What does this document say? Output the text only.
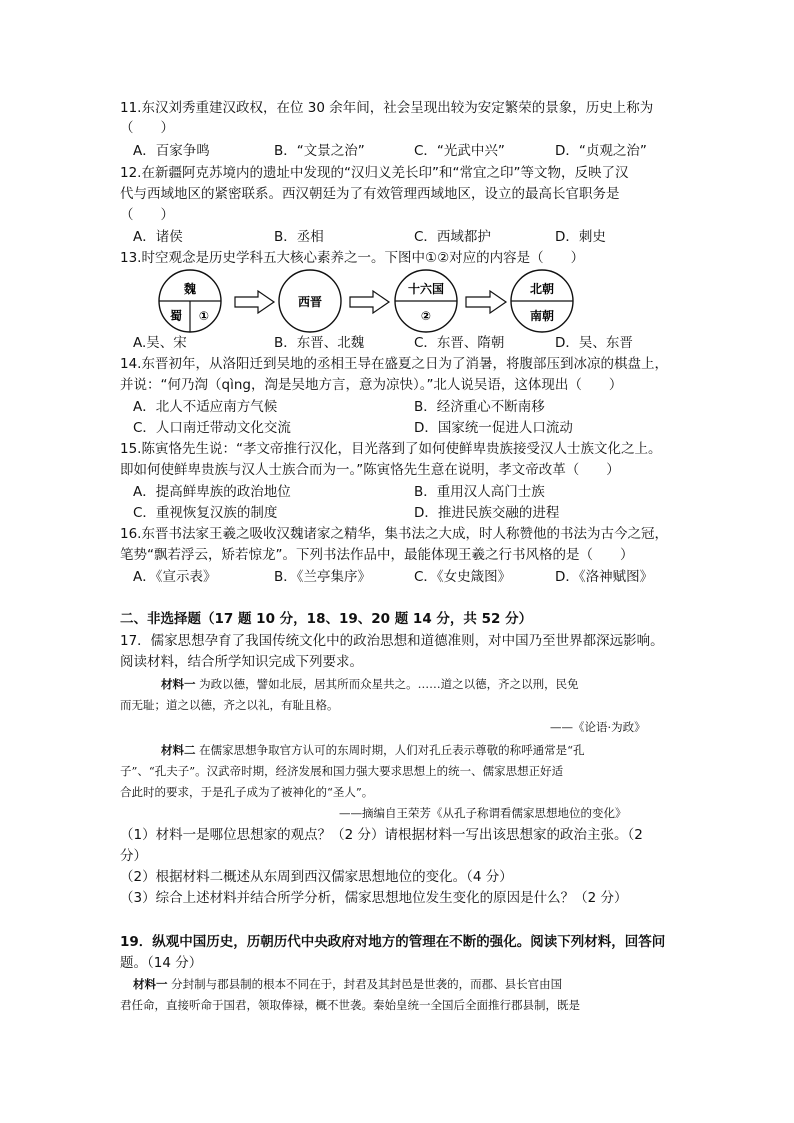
11.东汉刘秀重建汉政权，在位 30 余年间，社会呈现出较为安定繁荣的景象，历史上称为
（　　）
A．百家争鸣	B．“文景之治”	C．“光武中兴”	D．“贞观之治”
12.在新疆阿克苏境内的遗址中发现的“汉归义羌长印”和“常宜之印”等文物，反映了汉
代与西域地区的紧密联系。西汉朝廷为了有效管理西域地区，设立的最高长官职务是
（　　）
A．诸侯	B．丞相	C．西域都护	D．刺史
13.时空观念是历史学科五大核心素养之一。下图中①②对应的内容是（　　）
魏
蜀 ①
西晋
十六国
②
北朝
南朝
A.吴、宋	B．东晋、北魏	C．东晋、隋朝	D．吴、东晋
14.东晋初年，从洛阳迁到吴地的丞相王导在盛夏之日为了消暑，将腹部压到冰凉的棋盘上，
并说：“何乃渹（qìng，渹是吴地方言，意为凉快）。”北人说吴语，这体现出（　　）
A．北人不适应南方气候	B．经济重心不断南移
C．人口南迁带动文化交流	D．国家统一促进人口流动
15.陈寅恪先生说：“孝文帝推行汉化，目光落到了如何使鲜卑贵族接受汉人士族文化之上。
即如何使鲜卑贵族与汉人士族合而为一。”陈寅恪先生意在说明，孝文帝改革（　　）
A．提高鲜卑族的政治地位	B．重用汉人高门士族
C．重视恢复汉族的制度	D．推进民族交融的进程
16.东晋书法家王羲之吸收汉魏诸家之精华，集书法之大成，时人称赞他的书法为古今之冠，
笔势“飘若浮云，矫若惊龙”。下列书法作品中，最能体现王羲之行书风格的是（　　）
A．《宣示表》	B．《兰亭集序》	C．《女史箴图》	D．《洛神赋图》
二、非选择题（17 题 10 分，18、19、20 题 14 分，共 52 分）
17．儒家思想孕育了我国传统文化中的政治思想和道德准则，对中国乃至世界都深远影响。
阅读材料，结合所学知识完成下列要求。
材料一 为政以德，譬如北辰，居其所而众星共之。……道之以德，齐之以刑，民免
而无耻；道之以德，齐之以礼，有耻且格。
——《论语·为政》
材料二 在儒家思想争取官方认可的东周时期，人们对孔丘表示尊敬的称呼通常是“孔
子”、“孔夫子”。汉武帝时期，经济发展和国力强大要求思想上的统一、儒家思想正好适
合此时的要求，于是孔子成为了被神化的“圣人”。
——摘编自王荣芳《从孔子称谓看儒家思想地位的变化》
（1）材料一是哪位思想家的观点？（2 分）请根据材料一写出该思想家的政治主张。（2
分）
（2）根据材料二概述从东周到西汉儒家思想地位的变化。（4 分）
（3）综合上述材料并结合所学分析，儒家思想地位发生变化的原因是什么？（2 分）
19．纵观中国历史，历朝历代中央政府对地方的管理在不断的强化。阅读下列材料，回答问
题。（14 分）
材料一 分封制与郡县制的根本不同在于，封君及其封邑是世袭的，而郡、县长官由国
君任命，直接听命于国君，领取俸禄，概不世袭。秦始皇统一全国后全面推行郡县制，既是
